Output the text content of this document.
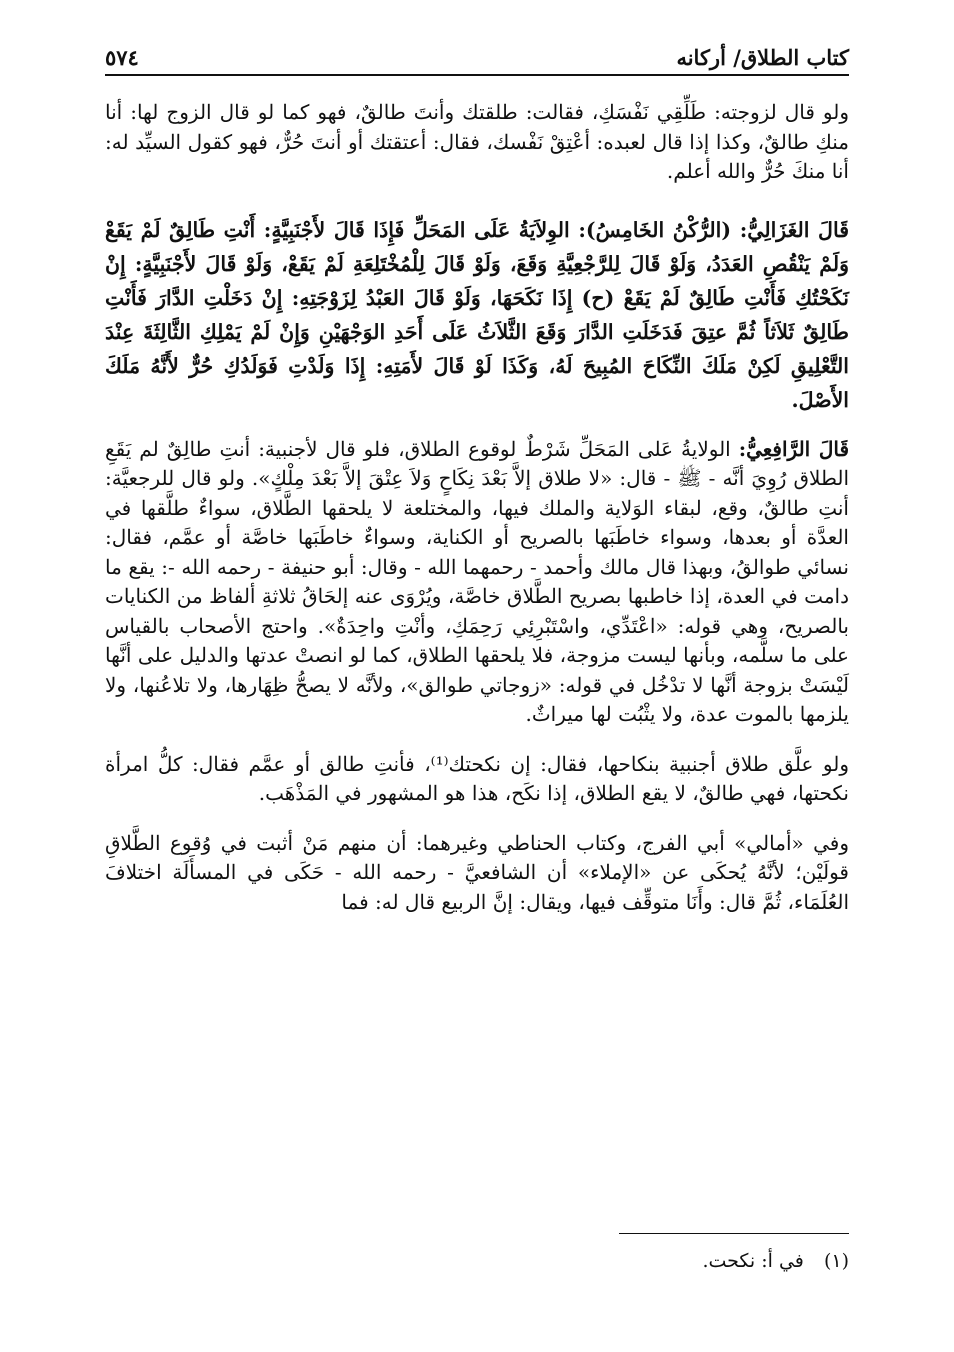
كتاب الطلاق/ أركانه
٥٧٤

ولو قال لزوجته: طَلِّقِي نَفْسَكِ، فقالت: طلقتك وأنتَ طالقٌ، فهو كما لو قال الزوج لها: أنا منكِ طالقٌ، وكذا إذا قال لعبده: أعْتِقْ نَفْسك، فقال: أعتقتك أو أنتَ حُرٌّ، فهو كقول السيِّد له: أنا منكَ حُرٌّ والله أعلم.

قَالَ الغَزَالِيُّ: (الرُّكْنُ الخَامِسُ): الوِلاَيَةُ عَلَى المَحَلِّ فَإِذَا قَالَ لأَجْنَبِيَّةٍ: أَنْتِ طَالِقٌ لَمْ يَقَعْ وَلَمْ يَنْقُصِ العَدَدُ، وَلَوْ قَالَ لِلرَّجْعِيَّةِ وَقَعَ، وَلَوْ قَالَ لِلْمُخْتَلِعَةِ لَمْ يَقَعْ، وَلَوْ قَالَ لأَجْنَبِيَّةٍ: إِنْ نَكَحْتُكِ فَأَنْتِ طَالِقٌ لَمْ يَقَعْ (ح) إِذَا نَكَحَهَا، وَلَوْ قَالَ العَبْدُ لِزَوْجَتِهِ: إِنْ دَخَلْتِ الدَّارَ فَأَنْتِ طَالِقٌ ثَلاَثاً ثُمَّ عتِقَ فَدَخَلَتِ الدَّارَ وَقَعَ الثَّلاَثُ عَلَى أَحَدِ الوَجْهَيْنِ وَإِنْ لَمْ يَمْلِكِ الثَّالِثَةَ عِنْدَ التَّعْلِيقِ لَكِنْ مَلَكَ النِّكَاحَ المُبِيحَ لَهُ، وَكَذَا لَوْ قَالَ لأَمَتِهِ: إِذَا وَلَدْتِ فَوَلَدُكِ حُرٌّ لأَنَّهُ مَلَكَ الأَصْلَ.

قَالَ الرَّافِعِيُّ: الولايةُ عَلى المَحَلِّ شَرْطٌ لوقوع الطلاق، فلو قال لأجنبية: أنتِ طالِقٌ لم يَقَعِ الطلاق رُوِيَ أنَّه - ﷺ - قال: «لا طلاق إلاَّ بَعْدَ نِكَاحٍ وَلاَ عِتْقَ إلاَّ بَعْدَ مِلْكٍ». ولو قال للرجعيَّة: أنتِ طالقٌ، وقع، لبقاء الوَلاية والملك فيها، والمختلعة لا يلحقها الطَّلاق، سواءٌ طلَّقها في العدَّة أو بعدها، وسواء خاطَبَها بالصريح أو الكناية، وسواءٌ خاطَبَها خاصَّة أو عمَّم، فقال: نسائي طوالقُ، وبهذا قال مالك وأحمد - رحمهما الله - وقال: أبو حنيفة - رحمه الله -: يقع ما دامت في العدة، إذا خاطبها بصريح الطَّلاق خاصَّة، ويُرْوَى عنه إلحَاقُ ثلاثةِ ألفاظ من الكنايات بالصريح، وهي قوله: «اعْتَدِّي، واسْتَبْرِئِي رَحِمَكِ، وأنْتِ واحِدَةٌ». واحتج الأصحاب بالقياس على ما سلَّمه، وبأنها ليست مزوجة، فلا يلحقها الطلاق، كما لو انصتْ عدتها والدليل على أنَّها لَيْسَتْ بزوجة أنَّها لا تدْخُل في قوله: «زوجاتي طوالق»، ولأنَّه لا يصحُّ ظِهَارها، ولا تلاعُنها، ولا يلزمها بالموت عدة، ولا يثْبُت لها ميراثٌ.

ولو علَّق طلاق أجنبية بنكاحها، فقال: إن نكحتك⁽¹⁾، فأنتِ طالق أو عمَّم فقال: كلُّ امرأة نكحتها، فهي طالقٌ، لا يقع الطلاق، إذا نكَح، هذا هو المشهور في المَذْهَب.

وفي «أمالي» أبي الفرج، وكتاب الحناطي وغيرهما: أن منهم مَنْ أثبت في وُقوع الطَّلاقِ قولَيْن؛ لأنَّهُ يُحكَى عن «الإملاء» أن الشافعيَّ - رحمه الله - حَكَى في المسأَلَة اختلافَ العُلَمَاء، ثُمَّ قال: وأَنَا متوقِّف فيها، ويقال: إنَّ الربيع قال له: فما

(١) في أ: نكحت.
